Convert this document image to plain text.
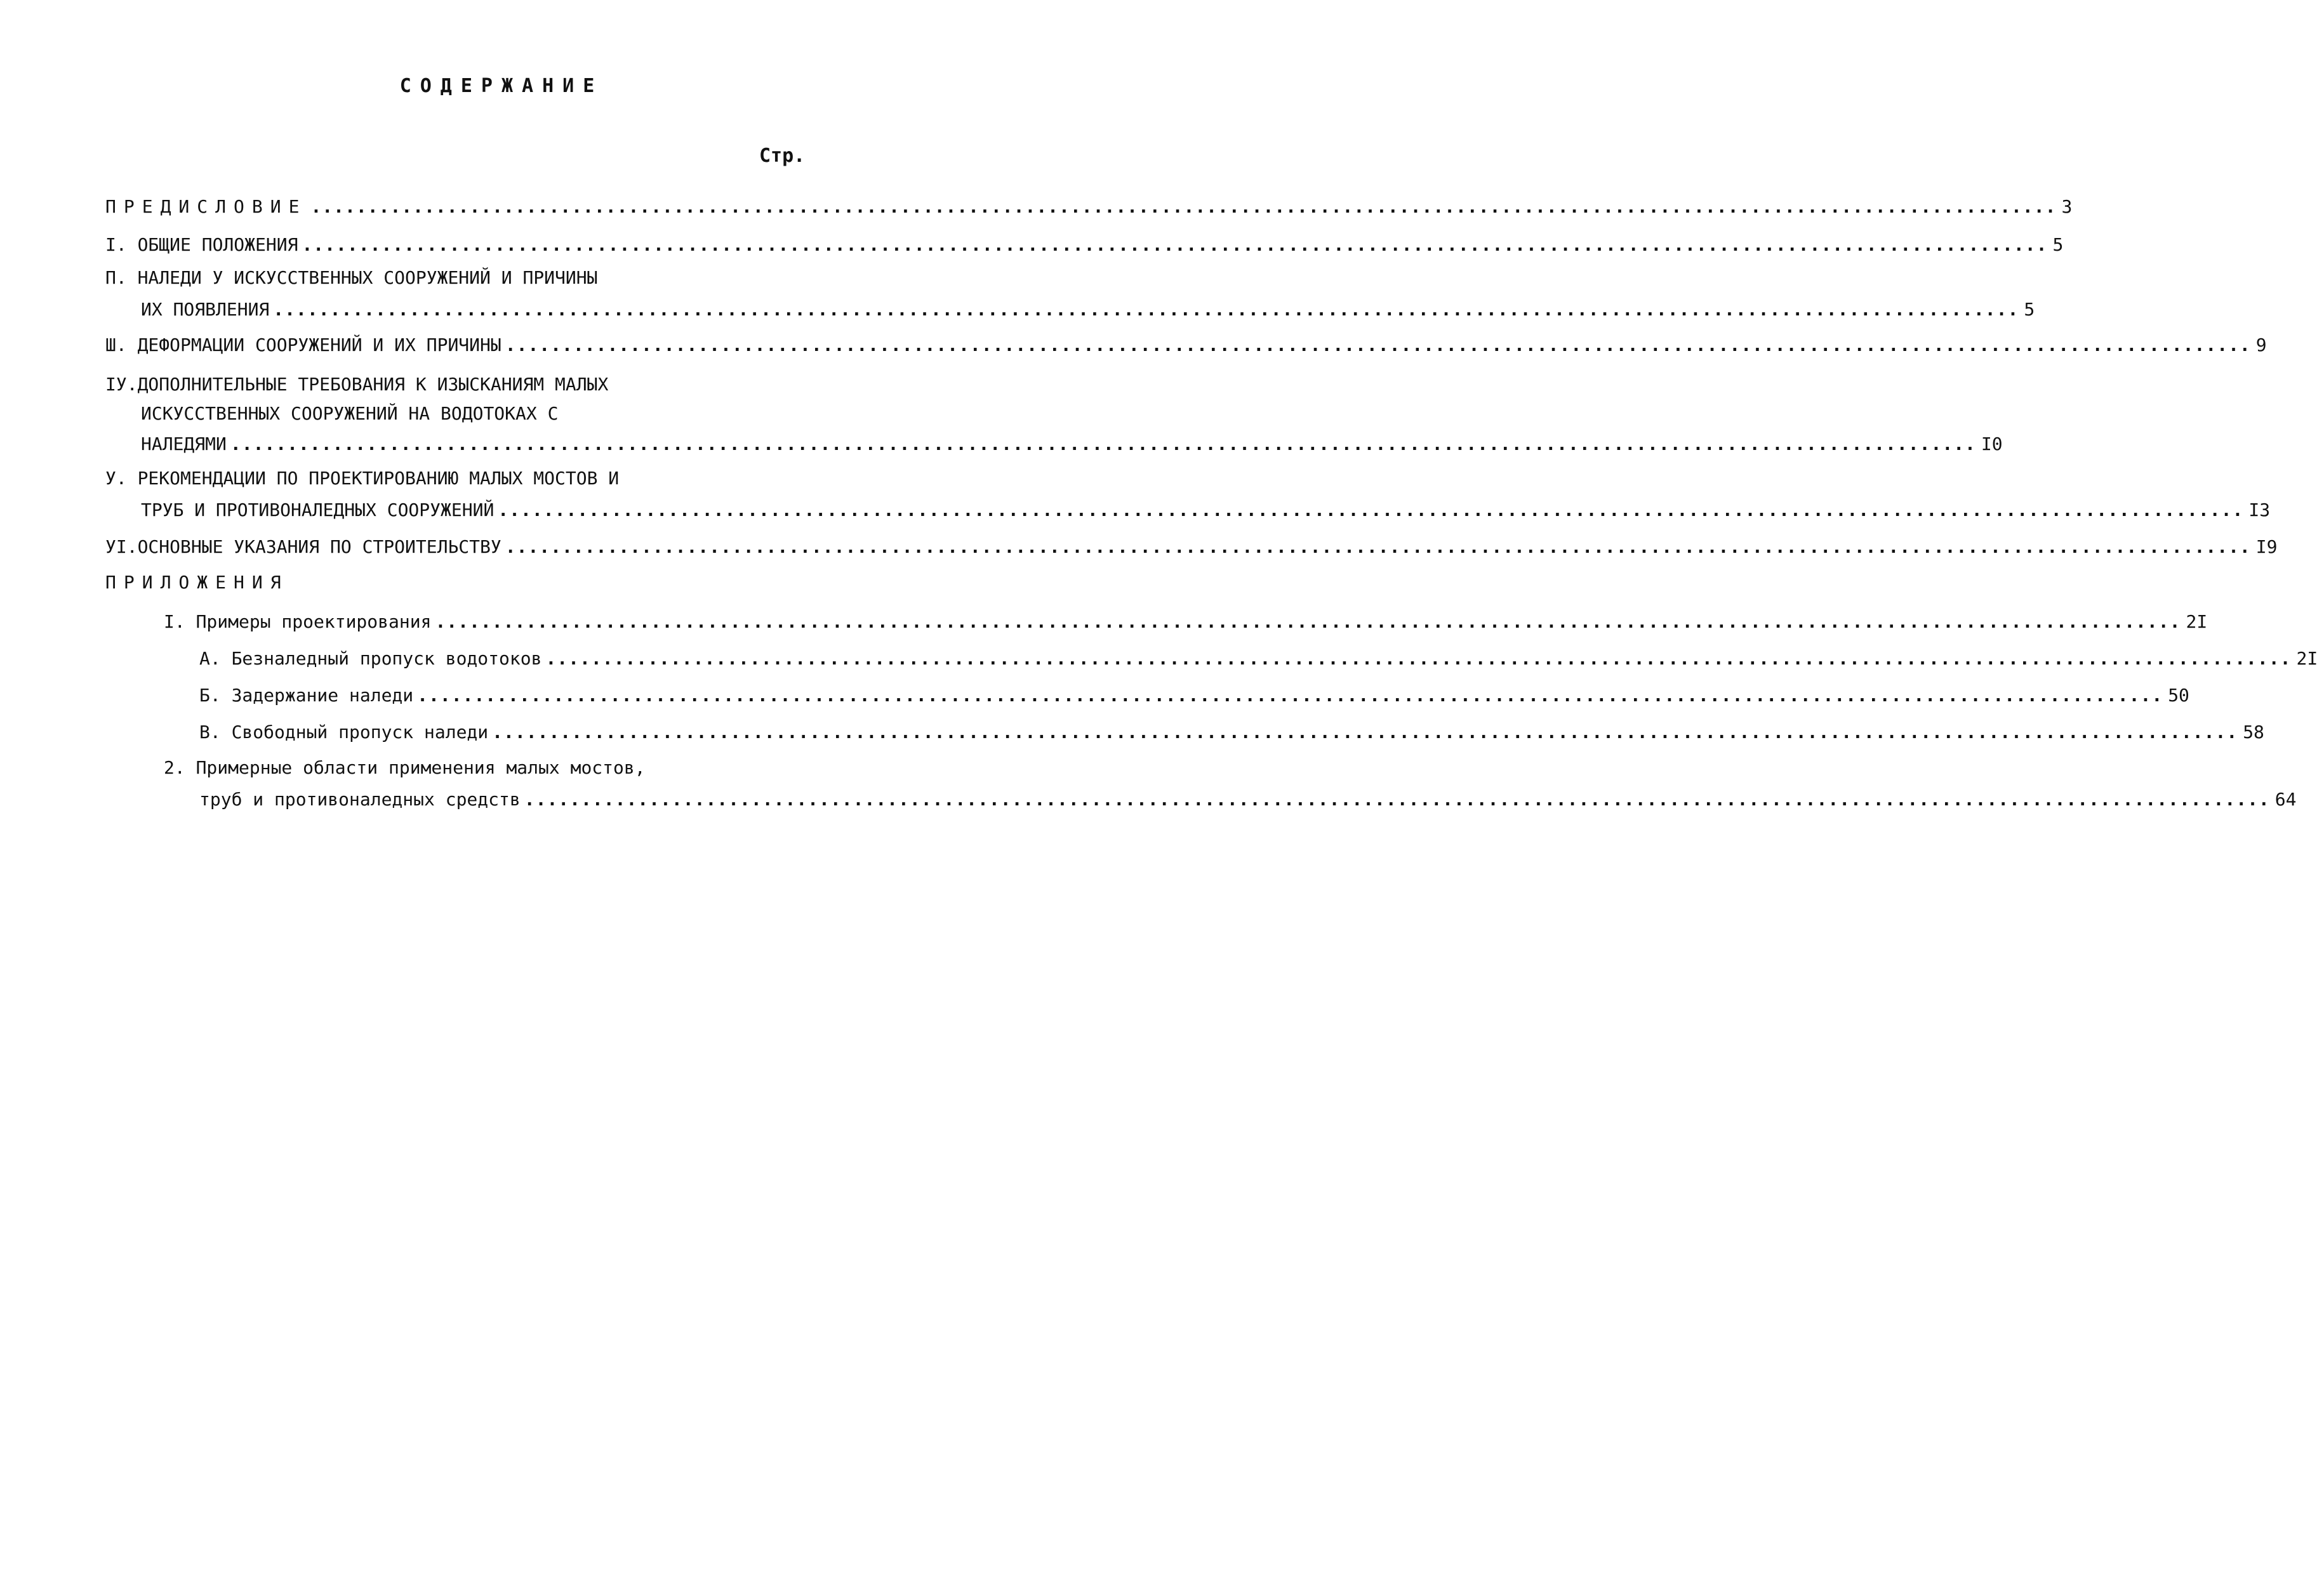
СОДЕРЖАНИЕ
Стр.
ПРЕДИСЛОВИЕ .......................................................................................................................................................... 3
I. ОБЩИЕ ПОЛОЖЕНИЯ .......................................................................................................................................................... 5
П. НАЛЕДИ У ИСКУССТВЕННЫХ СООРУЖЕНИЙ И ПРИЧИНЫ
ИХ ПОЯВЛЕНИЯ .......................................................................................................................................................... 5
Ш. ДЕФОРМАЦИИ СООРУЖЕНИЙ И ИХ ПРИЧИНЫ .......................................................................................................................................................... 9
IУ.ДОПОЛНИТЕЛЬНЫЕ ТРЕБОВАНИЯ К ИЗЫСКАНИЯМ МАЛЫХ
ИСКУССТВЕННЫХ СООРУЖЕНИЙ НА ВОДОТОКАХ С
НАЛЕДЯМИ .......................................................................................................................................................... I0
У. РЕКОМЕНДАЦИИ ПО ПРОЕКТИРОВАНИЮ МАЛЫХ МОСТОВ И
ТРУБ И ПРОТИВОНАЛЕДНЫХ СООРУЖЕНИЙ .......................................................................................................................................................... I3
УI.ОСНОВНЫЕ УКАЗАНИЯ ПО СТРОИТЕЛЬСТВУ .......................................................................................................................................................... I9
ПРИЛОЖЕНИЯ
I. Примеры проектирования .......................................................................................................................................................... 2I
А. Безналедный пропуск водотоков .......................................................................................................................................................... 2I
Б. Задержание наледи .......................................................................................................................................................... 50
В. Свободный пропуск наледи .......................................................................................................................................................... 58
2. Примерные области применения малых мостов,
труб и противоналедных средств .......................................................................................................................................................... 64
